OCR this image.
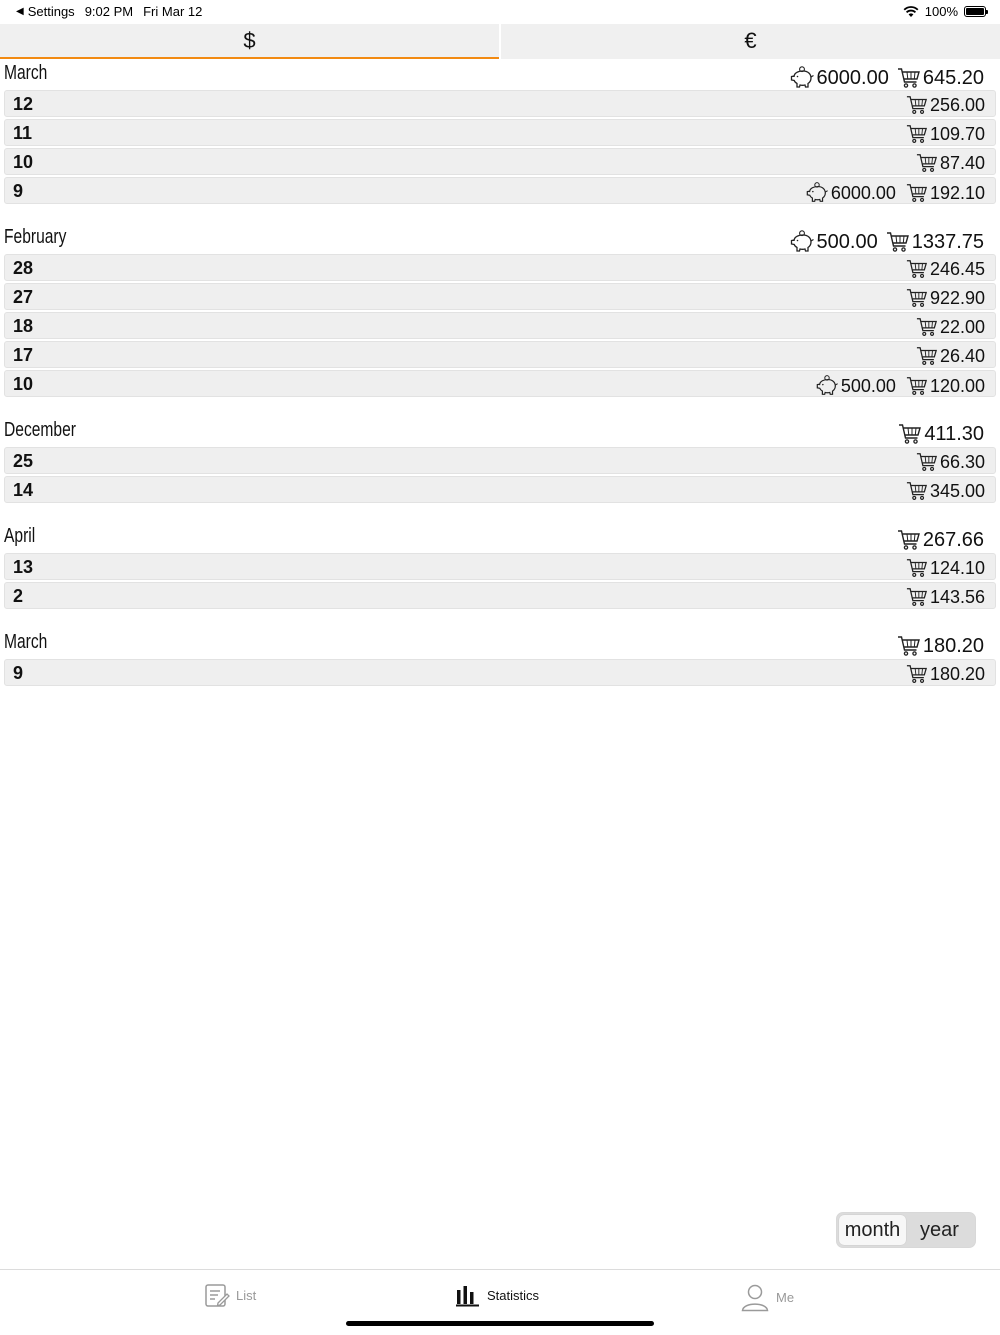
◀ Settings 9:02 PM Fri Mar 12	100%
$	€
March	6000.00 645.20
12	256.00
11	109.70
10	87.40
9	6000.00 192.10
February	500.00 1337.75
28	246.45
27	922.90
18	22.00
17	26.40
10	500.00 120.00
December	411.30
25	66.30
14	345.00
April	267.66
13	124.10
2	143.56
March	180.20
9	180.20
month year
List	Statistics	Me
